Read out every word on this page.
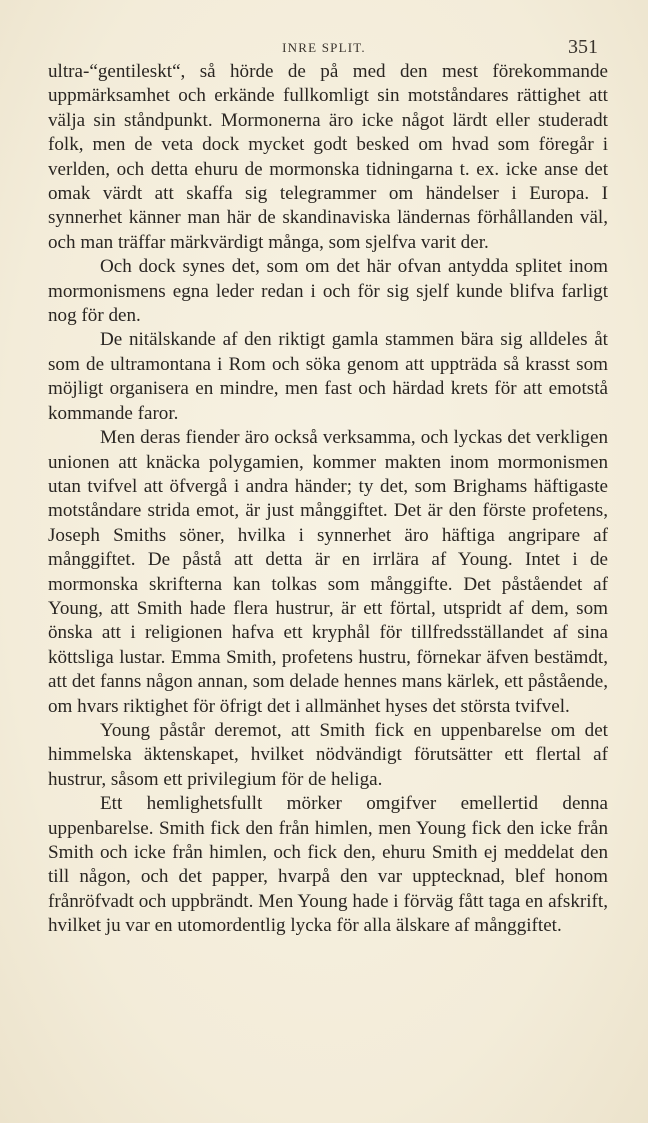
INRE SPLIT.	351

ultra-“gentileskt“, så hörde de på med den mest förekommande uppmärksamhet och erkände fullkomligt sin motståndares rättighet att välja sin ståndpunkt. Mormonerna äro icke något lärdt eller studeradt folk, men de veta dock mycket godt besked om hvad som föregår i verlden, och detta ehuru de mormonska tidningarna t. ex. icke anse det omak värdt att skaffa sig telegrammer om händelser i Europa. I synnerhet känner man här de skandinaviska ländernas förhållanden väl, och man träffar märkvärdigt många, som sjelfva varit der.

Och dock synes det, som om det här ofvan antydda splitet inom mormonismens egna leder redan i och för sig sjelf kunde blifva farligt nog för den.

De nitälskande af den riktigt gamla stammen bära sig alldeles åt som de ultramontana i Rom och söka genom att uppträda så krasst som möjligt organisera en mindre, men fast och härdad krets för att emotstå kommande faror.

Men deras fiender äro också verksamma, och lyckas det verkligen unionen att knäcka polygamien, kommer makten inom mormonismen utan tvifvel att öfvergå i andra händer; ty det, som Brighams häftigaste motståndare strida emot, är just månggiftet. Det är den förste profetens, Joseph Smiths söner, hvilka i synnerhet äro häftiga angripare af månggiftet. De påstå att detta är en irrlära af Young. Intet i de mormonska skrifterna kan tolkas som månggifte. Det påståendet af Young, att Smith hade flera hustrur, är ett förtal, utspridt af dem, som önska att i religionen hafva ett kryphål för tillfredsställandet af sina köttsliga lustar. Emma Smith, profetens hustru, förnekar äfven bestämdt, att det fanns någon annan, som delade hennes mans kärlek, ett påstående, om hvars riktighet för öfrigt det i allmänhet hyses det största tvifvel.

Young påstår deremot, att Smith fick en uppenbarelse om det himmelska äktenskapet, hvilket nödvändigt förutsätter ett flertal af hustrur, såsom ett privilegium för de heliga.

Ett hemlighetsfullt mörker omgifver emellertid denna uppenbarelse. Smith fick den från himlen, men Young fick den icke från Smith och icke från himlen, och fick den, ehuru Smith ej meddelat den till någon, och det papper, hvarpå den var upptecknad, blef honom frånröfvadt och uppbrändt. Men Young hade i förväg fått taga en afskrift, hvilket ju var en utomordentlig lycka för alla älskare af månggiftet.
